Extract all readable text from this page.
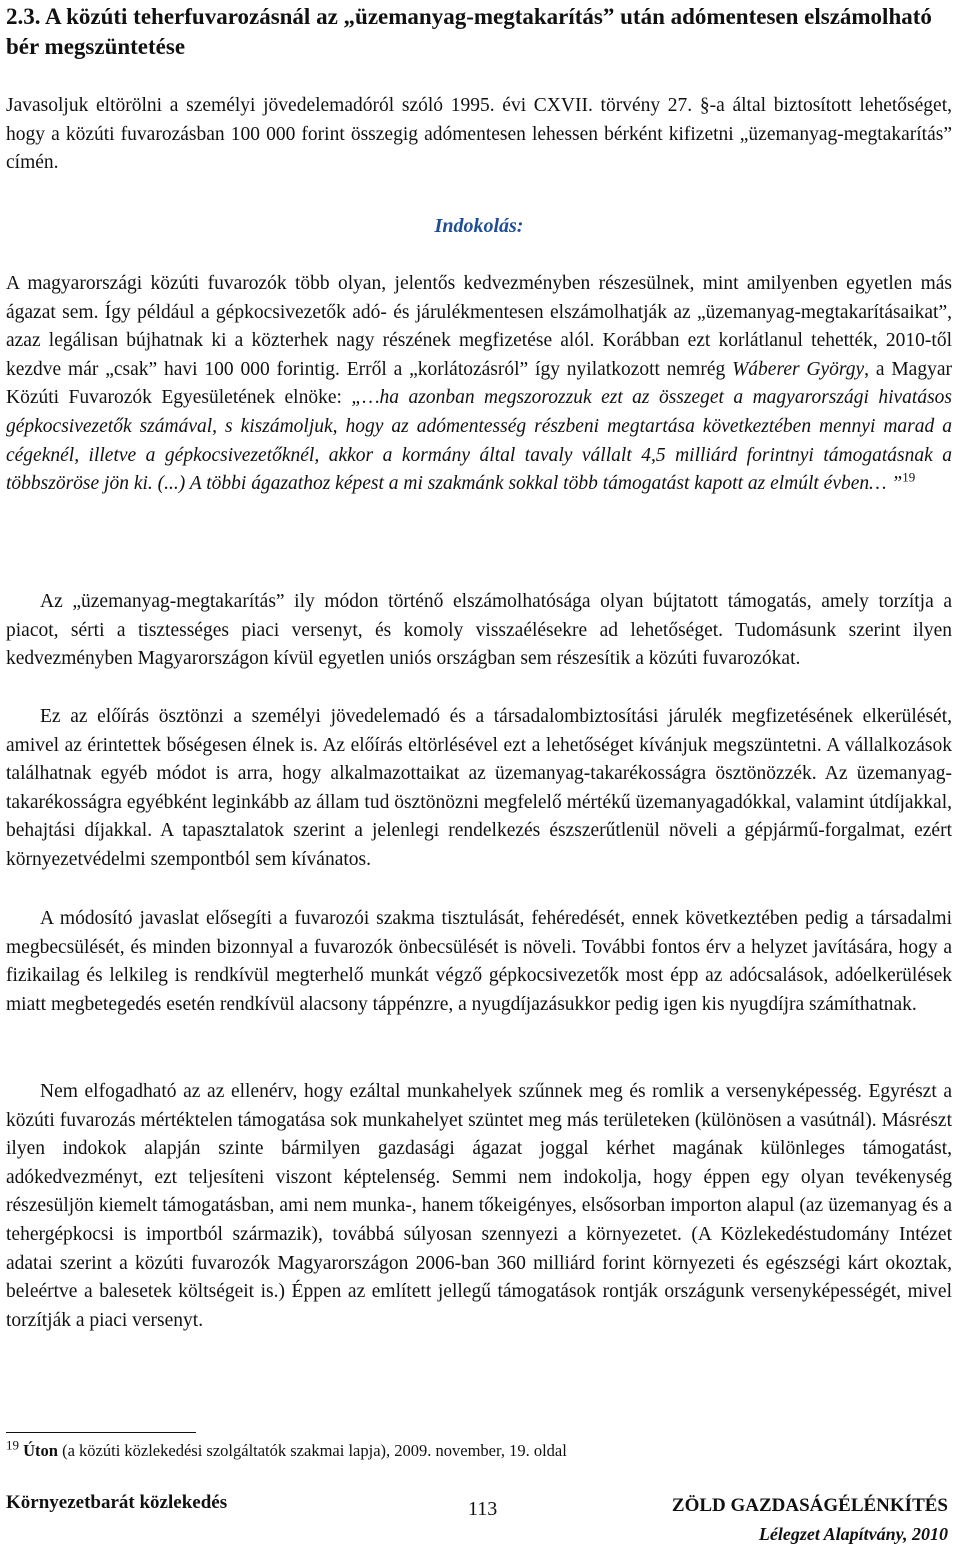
2.3. A közúti teherfuvarozásnál az „üzemanyag-megtakarítás” után adómentesen elszámolható bér megszüntetése

Javasoljuk eltörölni a személyi jövedelemadóról szóló 1995. évi CXVII. törvény 27. §-a által biztosított lehetőséget, hogy a közúti fuvarozásban 100 000 forint összegig adómentesen lehessen bérként kifizetni „üzemanyag-megtakarítás” címén.

Indokolás:

A magyarországi közúti fuvarozók több olyan, jelentős kedvezményben részesülnek, mint amilyenben egyetlen más ágazat sem. Így például a gépkocsivezetők adó- és járulékmentesen elszámolhatják az „üzemanyag-megtakarításaikat”, azaz legálisan bújhatnak ki a közterhek nagy részének megfizetése alól. Korábban ezt korlátlanul tehették, 2010-től kezdve már „csak” havi 100 000 forintig. Erről a „korlátozásról” így nyilatkozott nemrég Wáberer György, a Magyar Közúti Fuvarozók Egyesületének elnöke: „…ha azonban megszorozzuk ezt az összeget a magyarországi hivatásos gépkocsivezetők számával, s kiszámoljuk, hogy az adómentesség részbeni megtartása következtében mennyi marad a cégeknél, illetve a gépkocsivezetőknél, akkor a kormány által tavaly vállalt 4,5 milliárd forintnyi támogatásnak a többszöröse jön ki. (...) A többi ágazathoz képest a mi szakmánk sokkal több támogatást kapott az elmúlt évben… ”$^{19}$

Az „üzemanyag-megtakarítás” ily módon történő elszámolhatósága olyan bújtatott támogatás, amely torzítja a piacot, sérti a tisztességes piaci versenyt, és komoly visszaélésekre ad lehetőséget. Tudomásunk szerint ilyen kedvezményben Magyarországon kívül egyetlen uniós országban sem részesítik a közúti fuvarozókat.

Ez az előírás ösztönzi a személyi jövedelemadó és a társadalombiztosítási járulék megfizetésének elkerülését, amivel az érintettek bőségesen élnek is. Az előírás eltörlésével ezt a lehetőséget kívánjuk megszüntetni. A vállalkozások találhatnak egyéb módot is arra, hogy alkalmazottaikat az üzemanyag-takarékosságra ösztönözzék. Az üzemanyag-takarékosságra egyébként leginkább az állam tud ösztönözni megfelelő mértékű üzemanyagadókkal, valamint útdíjakkal, behajtási díjakkal. A tapasztalatok szerint a jelenlegi rendelkezés észszerűtlenül növeli a gépjármű-forgalmat, ezért környezetvédelmi szempontból sem kívánatos.

A módosító javaslat elősegíti a fuvarozói szakma tisztulását, fehéredését, ennek következtében pedig a társadalmi megbecsülését, és minden bizonnyal a fuvarozók önbecsülését is növeli. További fontos érv a helyzet javítására, hogy a fizikailag és lelkileg is rendkívül megterhelő munkát végző gépkocsivezetők most épp az adócsalások, adóelkerülések miatt megbetegedés esetén rendkívül alacsony táppénzre, a nyugdíjazásukkor pedig igen kis nyugdíjra számíthatnak.

Nem elfogadható az az ellenérv, hogy ezáltal munkahelyek szűnnek meg és romlik a versenyképesség. Egyrészt a közúti fuvarozás mértéktelen támogatása sok munkahelyet szüntet meg más területeken (különösen a vasútnál). Másrészt ilyen indokok alapján szinte bármilyen gazdasági ágazat joggal kérhet magának különleges támogatást, adókedvezményt, ezt teljesíteni viszont képtelenség. Semmi nem indokolja, hogy éppen egy olyan tevékenység részesüljön kiemelt támogatásban, ami nem munka-, hanem tőkeigényes, elsősorban importon alapul (az üzemanyag és a tehergépkocsi is importból származik), továbbá súlyosan szennyezi a környezetet. (A Közlekedéstudomány Intézet adatai szerint a közúti fuvarozók Magyarországon 2006-ban 360 milliárd forint környezeti és egészségi kárt okoztak, beleértve a balesetek költségeit is.) Éppen az említett jellegű támogatások rontják országunk versenyképességét, mivel torzítják a piaci versenyt.

$^{19}$ Úton (a közúti közlekedési szolgáltatók szakmai lapja), 2009. november, 19. oldal
Környezetbarát közlekedés	113	ZÖLD GAZDASÁGÉLÉNKÍTÉS
Lélegzet Alapítvány, 2010
